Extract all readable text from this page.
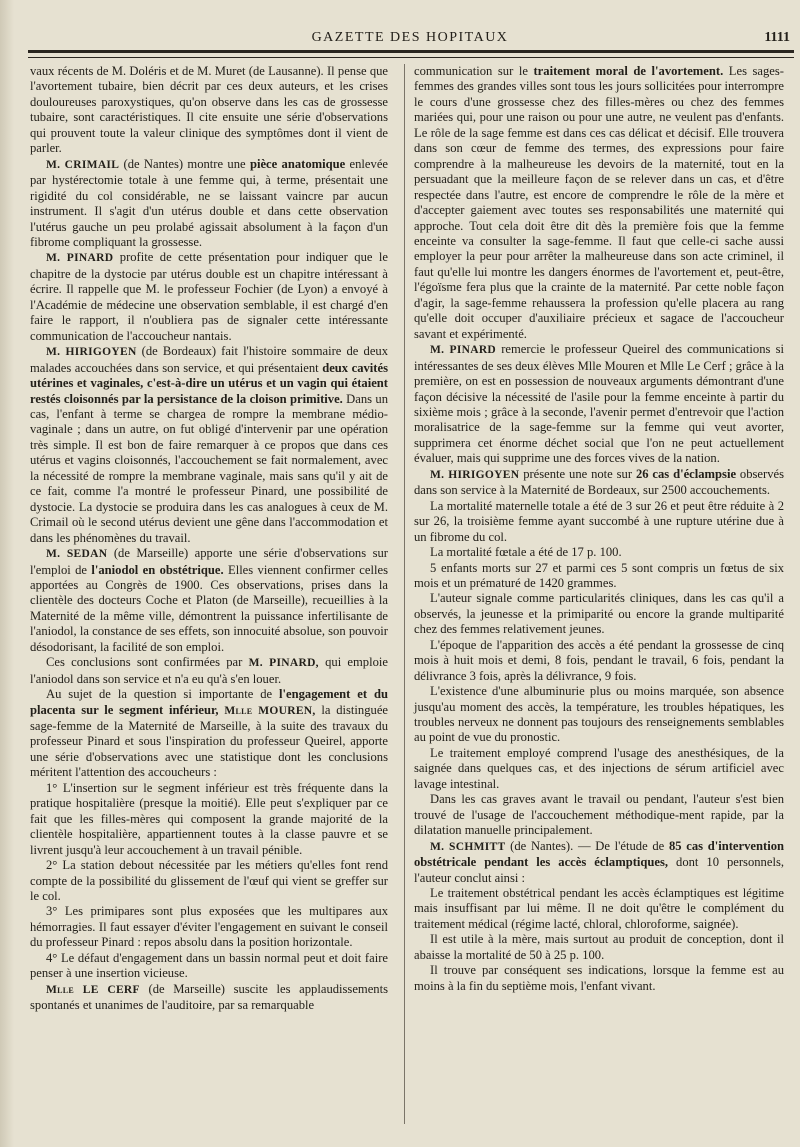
GAZETTE DES HOPITAUX	1111

vaux récents de M. Doléris et de M. Muret (de Lausanne). Il pense que l'avortement tubaire, bien décrit par ces deux auteurs, et les crises douloureuses paroxystiques, qu'on observe dans les cas de grossesse tubaire, sont caractéristiques. Il cite ensuite une série d'observations qui prouvent toute la valeur clinique des symptômes dont il vient de parler.

M. CRIMAIL (de Nantes) montre une pièce anatomique enlevée par hystérectomie totale à une femme qui, à terme, présentait une rigidité du col considérable, ne se laissant vaincre par aucun instrument. Il s'agit d'un utérus double et dans cette observation l'utérus gauche un peu prolabé agissait absolument à la façon d'un fibrome compliquant la grossesse.

M. PINARD profite de cette présentation pour indiquer que le chapitre de la dystocie par utérus double est un chapitre intéressant à écrire. Il rappelle que M. le professeur Fochier (de Lyon) a envoyé à l'Académie de médecine une observation semblable, il est chargé d'en faire le rapport, il n'oubliera pas de signaler cette intéressante communication de l'accoucheur nantais.

M. HIRIGOYEN (de Bordeaux) fait l'histoire sommaire de deux malades accouchées dans son service, et qui présentaient deux cavités utérines et vaginales, c'est-à-dire un utérus et un vagin qui étaient restés cloisonnés par la persistance de la cloison primitive. Dans un cas, l'enfant à terme se chargea de rompre la membrane médio-vaginale ; dans un autre, on fut obligé d'intervenir par une opération très simple. Il est bon de faire remarquer à ce propos que dans ces utérus et vagins cloisonnés, l'accouchement se fait normalement, avec la nécessité de rompre la membrane vaginale, mais sans qu'il y ait de ce fait, comme l'a montré le professeur Pinard, une possibilité de dystocie. La dystocie se produira dans les cas analogues à ceux de M. Crimail où le second utérus devient une gêne dans l'accommodation et dans les phénomènes du travail.

M. SEDAN (de Marseille) apporte une série d'observations sur l'emploi de l'aniodol en obstétrique. Elles viennent confirmer celles apportées au Congrès de 1900. Ces observations, prises dans la clientèle des docteurs Coche et Platon (de Marseille), recueillies à la Maternité de la même ville, démontrent la puissance infertilisante de l'aniodol, la constance de ses effets, son innocuité absolue, son pouvoir désodorisant, la facilité de son emploi.

Ces conclusions sont confirmées par M. PINARD, qui emploie l'aniodol dans son service et n'a eu qu'à s'en louer.

Au sujet de la question si importante de l'engagement et du placenta sur le segment inférieur, Mlle MOUREN, la distinguée sage-femme de la Maternité de Marseille, à la suite des travaux du professeur Pinard et sous l'inspiration du professeur Queirel, apporte une série d'observations avec une statistique dont les conclusions méritent l'attention des accoucheurs :

1° L'insertion sur le segment inférieur est très fréquente dans la pratique hospitalière (presque la moitié). Elle peut s'expliquer par ce fait que les filles-mères qui composent la grande majorité de la clientèle hospitalière, appartiennent toutes à la classe pauvre et se livrent jusqu'à leur accouchement à un travail pénible.

2° La station debout nécessitée par les métiers qu'elles font rend compte de la possibilité du glissement de l'œuf qui vient se greffer sur le col.

3° Les primipares sont plus exposées que les multipares aux hémorragies. Il faut essayer d'éviter l'engagement en suivant le conseil du professeur Pinard : repos absolu dans la position horizontale.

4° Le défaut d'engagement dans un bassin normal peut et doit faire penser à une insertion vicieuse.

Mlle LE CERF (de Marseille) suscite les applaudissements spontanés et unanimes de l'auditoire, par sa remarquable

communication sur le traitement moral de l'avortement. Les sages-femmes des grandes villes sont tous les jours sollicitées pour interrompre le cours d'une grossesse chez des filles-mères ou chez des femmes mariées qui, pour une raison ou pour une autre, ne veulent pas d'enfants. Le rôle de la sage femme est dans ces cas délicat et décisif. Elle trouvera dans son cœur de femme des termes, des expressions pour faire comprendre à la malheureuse les devoirs de la maternité, tout en la persuadant que la meilleure façon de se relever dans un cas, et d'être respectée dans l'autre, est encore de comprendre le rôle de la mère et d'accepter gaiement avec toutes ses responsabilités une maternité qui approche. Tout cela doit être dit dès la première fois que la femme enceinte va consulter la sage-femme. Il faut que celle-ci sache aussi employer la peur pour arrêter la malheureuse dans son acte criminel, il faut qu'elle lui montre les dangers énormes de l'avortement et, peut-être, l'égoïsme fera plus que la crainte de la maternité. Par cette noble façon d'agir, la sage-femme rehaussera la profession qu'elle placera au rang qu'elle doit occuper d'auxiliaire précieux et sagace de l'accoucheur savant et expérimenté.

M. PINARD remercie le professeur Queirel des communications si intéressantes de ses deux élèves Mlle Mouren et Mlle Le Cerf ; grâce à la première, on est en possession de nouveaux arguments démontrant d'une façon décisive la nécessité de l'asile pour la femme enceinte à partir du sixième mois ; grâce à la seconde, l'avenir permet d'entrevoir que l'action moralisatrice de la sage-femme sur la femme qui veut avorter, supprimera cet énorme déchet social que l'on ne peut actuellement évaluer, mais qui supprime une des forces vives de la nation.

M. HIRIGOYEN présente une note sur 26 cas d'éclampsie observés dans son service à la Maternité de Bordeaux, sur 2500 accouchements.

La mortalité maternelle totale a été de 3 sur 26 et peut être réduite à 2 sur 26, la troisième femme ayant succombé à une rupture utérine due à un fibrome du col.

La mortalité fœtale a été de 17 p. 100.

5 enfants morts sur 27 et parmi ces 5 sont compris un fœtus de six mois et un prématuré de 1420 grammes.

L'auteur signale comme particularités cliniques, dans les cas qu'il a observés, la jeunesse et la primiparité ou encore la grande multiparité chez des femmes relativement jeunes.

L'époque de l'apparition des accès a été pendant la grossesse de cinq mois à huit mois et demi, 8 fois, pendant le travail, 6 fois, pendant la délivrance 3 fois, après la délivrance, 9 fois.

L'existence d'une albuminurie plus ou moins marquée, son absence jusqu'au moment des accès, la température, les troubles hépatiques, les troubles nerveux ne donnent pas toujours des renseignements semblables au point de vue du pronostic.

Le traitement employé comprend l'usage des anesthésiques, de la saignée dans quelques cas, et des injections de sérum artificiel avec lavage intestinal.

Dans les cas graves avant le travail ou pendant, l'auteur s'est bien trouvé de l'usage de l'accouchement méthodique-ment rapide, par la dilatation manuelle principalement.

M. SCHMITT (de Nantes). — De l'étude de 85 cas d'intervention obstétricale pendant les accès éclamptiques, dont 10 personnels, l'auteur conclut ainsi :

Le traitement obstétrical pendant les accès éclamptiques est légitime mais insuffisant par lui même. Il ne doit qu'être le complément du traitement médical (régime lacté, chloral, chloroforme, saignée).

Il est utile à la mère, mais surtout au produit de conception, dont il abaisse la mortalité de 50 à 25 p. 100.

Il trouve par conséquent ses indications, lorsque la femme est au moins à la fin du septième mois, l'enfant vivant.
